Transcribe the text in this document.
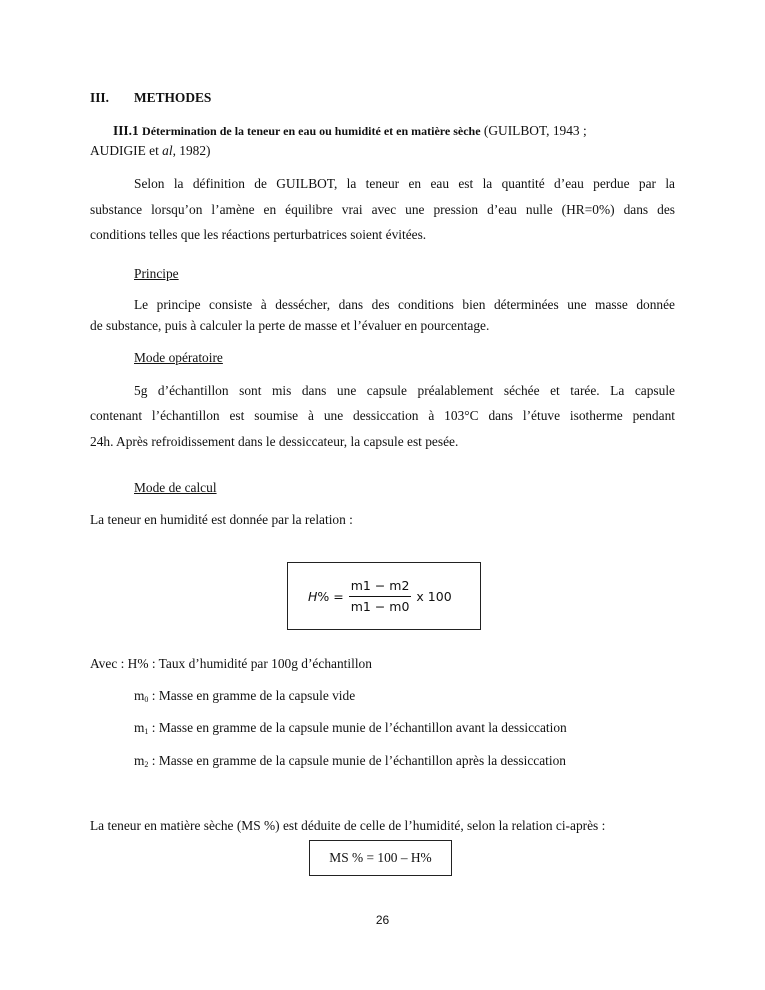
III. METHODES
III.1 Détermination de la teneur en eau ou humidité et en matière sèche (GUILBOT, 1943 ;
AUDIGIE et al, 1982)
Selon la définition de GUILBOT, la teneur en eau est la quantité d’eau perdue par la
substance lorsqu’on l’amène en équilibre vrai avec une pression d’eau nulle (HR=0%) dans des
conditions telles que les réactions perturbatrices soient évitées.
Principe
Le principe consiste à dessécher, dans des conditions bien déterminées une masse donnée
de substance, puis à calculer la perte de masse et l’évaluer en pourcentage.
Mode opératoire
5g d’échantillon sont mis dans une capsule préalablement séchée et tarée. La capsule
contenant l’échantillon est soumise à une dessiccation à 103°C dans l’étuve isotherme pendant
24h. Après refroidissement dans le dessiccateur, la capsule est pesée.
Mode de calcul
La teneur en humidité est donnée par la relation :
H % = $\frac{m1 - m2}{m1 - m0}$ x 100
Avec : H% : Taux d’humidité par 100g d’échantillon
$m_0$ : Masse en gramme de la capsule vide
$m_1$ : Masse en gramme de la capsule munie de l’échantillon avant la dessiccation
$m_2$ : Masse en gramme de la capsule munie de l’échantillon après la dessiccation
La teneur en matière sèche (MS %) est déduite de celle de l’humidité, selon la relation ci-après :
MS % = 100 – H%
26
